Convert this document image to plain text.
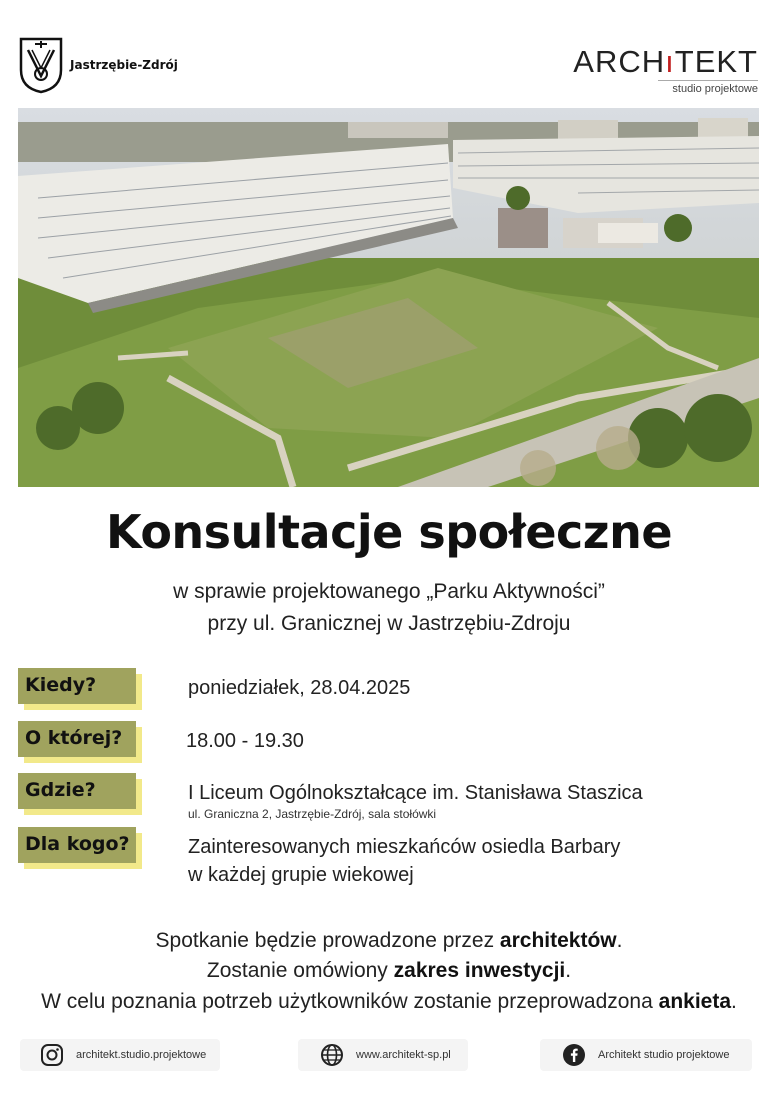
Jastrzębie-Zdrój	ARCHıTEKT
studio projektowe
Konsultacje społeczne
w sprawie projektowanego „Parku Aktywności”
przy ul. Granicznej w Jastrzębiu-Zdroju
Kiedy?	poniedziałek, 28.04.2025
O której?	18.00 - 19.30
Gdzie?	I Liceum Ogólnokształcące im. Stanisława Staszica
ul. Graniczna 2, Jastrzębie-Zdrój, sala stołówki
Dla kogo?	Zainteresowanych mieszkańców osiedla Barbary
w każdej grupie wiekowej
Spotkanie będzie prowadzone przez architektów.
Zostanie omówiony zakres inwestycji.
W celu poznania potrzeb użytkowników zostanie przeprowadzona ankieta.
architekt.studio.projektowe	www.architekt-sp.pl	Architekt studio projektowe
